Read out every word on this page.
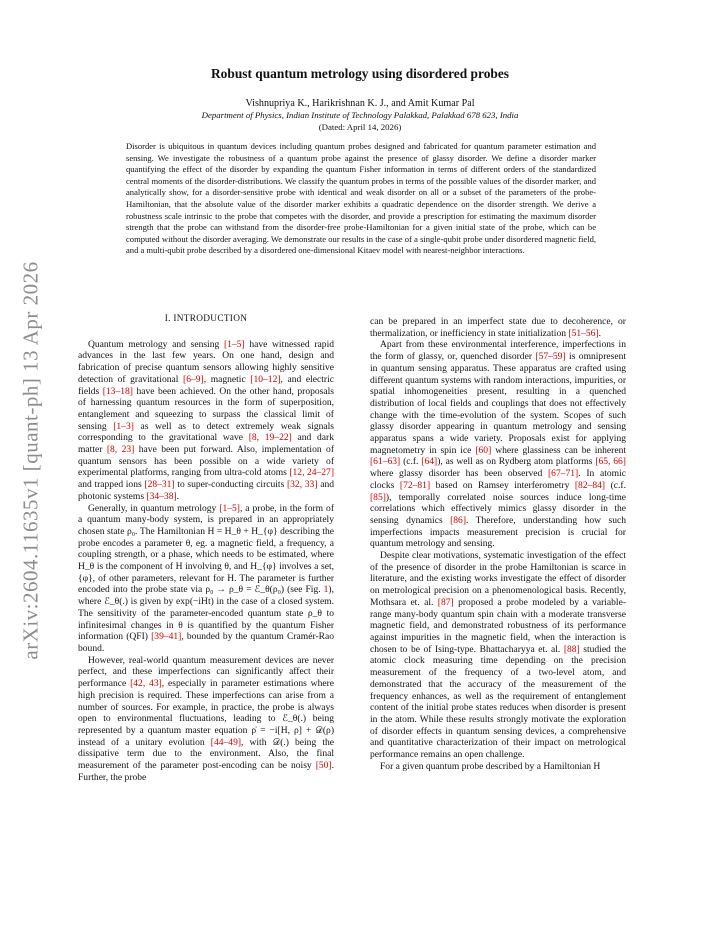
arXiv:2604.11635v1 [quant-ph] 13 Apr 2026
Robust quantum metrology using disordered probes
Vishnupriya K., Harikrishnan K. J., and Amit Kumar Pal
Department of Physics, Indian Institute of Technology Palakkad, Palakkad 678 623, India
(Dated: April 14, 2026)
Disorder is ubiquitous in quantum devices including quantum probes designed and fabricated for quantum parameter estimation and sensing. We investigate the robustness of a quantum probe against the presence of glassy disorder. We define a disorder marker quantifying the effect of the disorder by expanding the quantum Fisher information in terms of different orders of the standardized central moments of the disorder-distributions. We classify the quantum probes in terms of the possible values of the disorder marker, and analytically show, for a disorder-sensitive probe with identical and weak disorder on all or a subset of the parameters of the probe-Hamiltonian, that the absolute value of the disorder marker exhibits a quadratic dependence on the disorder strength. We derive a robustness scale intrinsic to the probe that competes with the disorder, and provide a prescription for estimating the maximum disorder strength that the probe can withstand from the disorder-free probe-Hamiltonian for a given initial state of the probe, which can be computed without the disorder averaging. We demonstrate our results in the case of a single-qubit probe under disordered magnetic field, and a multi-qubit probe described by a disordered one-dimensional Kitaev model with nearest-neighbor interactions.
I. INTRODUCTION

Quantum metrology and sensing [1–5] have witnessed rapid advances in the last few years. On one hand, design and fabrication of precise quantum sensors allowing highly sensitive detection of gravitational [6–9], magnetic [10–12], and electric fields [13–18] have been achieved. On the other hand, proposals of harnessing quantum resources in the form of superposition, entanglement and squeezing to surpass the classical limit of sensing [1–3] as well as to detect extremely weak signals corresponding to the gravitational wave [8, 19–22] and dark matter [8, 23] have been put forward. Also, implementation of quantum sensors has been possible on a wide variety of experimental platforms, ranging from ultra-cold atoms [12, 24–27] and trapped ions [28–31] to super-conducting circuits [32, 33] and photonic systems [34–38].

Generally, in quantum metrology [1–5], a probe, in the form of a quantum many-body system, is prepared in an appropriately chosen state ρ₀. The Hamiltonian H = H_θ + H_{φ} describing the probe encodes a parameter θ, eg. a magnetic field, a frequency, a coupling strength, or a phase, which needs to be estimated, where H_θ is the component of H involving θ, and H_{φ} involves a set, {φ}, of other parameters, relevant for H. The parameter is further encoded into the probe state via ρ₀ → ρ_θ = ℰ_θ(ρ₀) (see Fig. 1), where ℰ_θ(.) is given by exp(−iHt) in the case of a closed system. The sensitivity of the parameter-encoded quantum state ρ_θ to infinitesimal changes in θ is quantified by the quantum Fisher information (QFI) [39–41], bounded by the quantum Cramér-Rao bound.

However, real-world quantum measurement devices are never perfect, and these imperfections can significantly affect their performance [42, 43], especially in parameter estimations where high precision is required. These imperfections can arise from a number of sources. For example, in practice, the probe is always open to environmental fluctuations, leading to ℰ_θ(.) being represented by a quantum master equation ρ̇ = −i[H, ρ] + 𝒟(ρ) instead of a unitary evolution [44–49], with 𝒟(.) being the dissipative term due to the environment. Also, the final measurement of the parameter post-encoding can be noisy [50]. Further, the probe

can be prepared in an imperfect state due to decoherence, or thermalization, or inefficiency in state initialization [51–56].

Apart from these environmental interference, imperfections in the form of glassy, or, quenched disorder [57–59] is omnipresent in quantum sensing apparatus. These apparatus are crafted using different quantum systems with random interactions, impurities, or spatial inhomogeneities present, resulting in a quenched distribution of local fields and couplings that does not effectively change with the time-evolution of the system. Scopes of such glassy disorder appearing in quantum metrology and sensing apparatus spans a wide variety. Proposals exist for applying magnetometry in spin ice [60] where glassiness can be inherent [61–63] (c.f. [64]), as well as on Rydberg atom platforms [65, 66] where glassy disorder has been observed [67–71]. In atomic clocks [72–81] based on Ramsey interferometry [82–84] (c.f. [85]), temporally correlated noise sources induce long-time correlations which effectively mimics glassy disorder in the sensing dynamics [86]. Therefore, understanding how such imperfections impacts measurement precision is crucial for quantum metrology and sensing.

Despite clear motivations, systematic investigation of the effect of the presence of disorder in the probe Hamiltonian is scarce in literature, and the existing works investigate the effect of disorder on metrological precision on a phenomenological basis. Recently, Mothsara et. al. [87] proposed a probe modeled by a variable-range many-body quantum spin chain with a moderate transverse magnetic field, and demonstrated robustness of its performance against impurities in the magnetic field, when the interaction is chosen to be of Ising-type. Bhattacharyya et. al. [88] studied the atomic clock measuring time depending on the precision measurement of the frequency of a two-level atom, and demonstrated that the accuracy of the measurement of the frequency enhances, as well as the requirement of entanglement content of the initial probe states reduces when disorder is present in the atom. While these results strongly motivate the exploration of disorder effects in quantum sensing devices, a comprehensive and quantitative characterization of their impact on metrological performance remains an open challenge.

For a given quantum probe described by a Hamiltonian H
